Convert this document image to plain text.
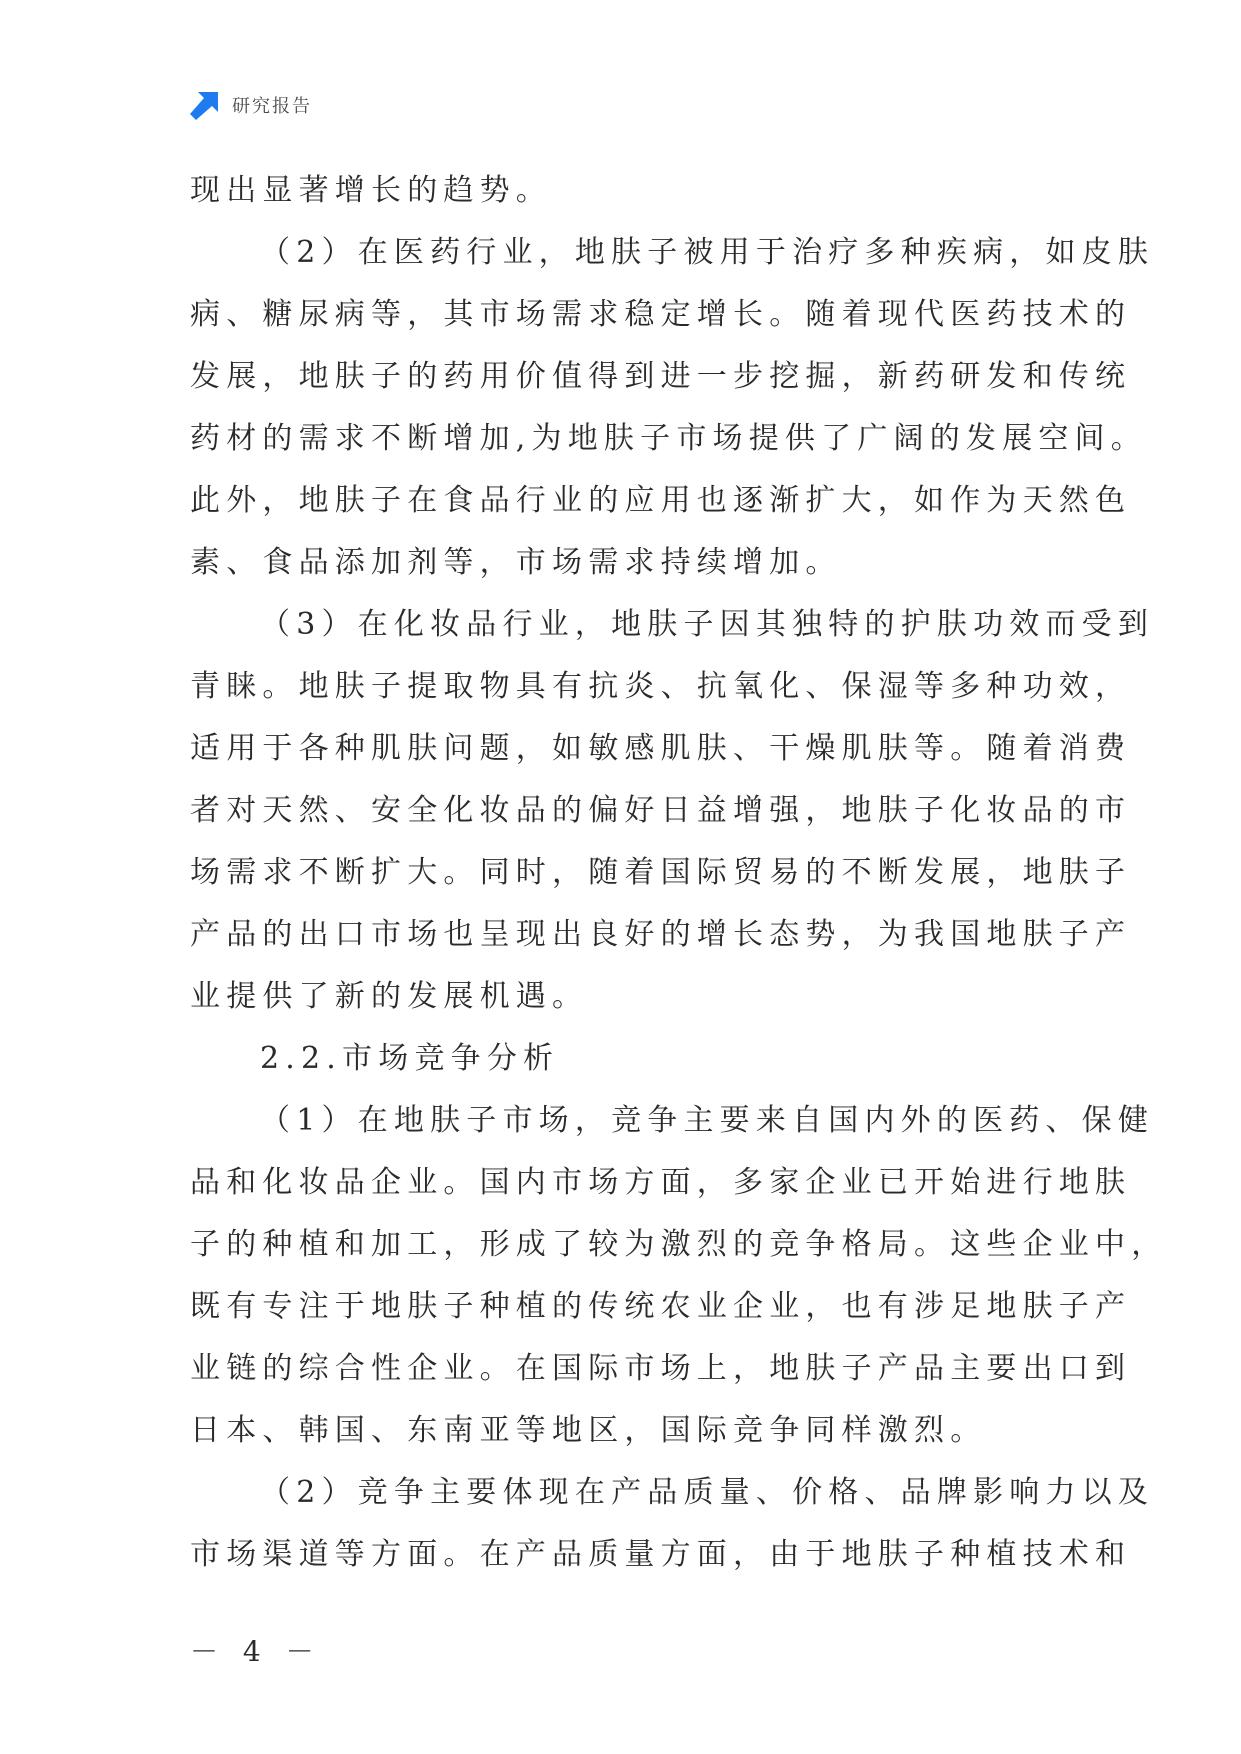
研究报告
现出显著增长的趋势。
（2）在医药行业，地肤子被用于治疗多种疾病，如皮肤
病、糖尿病等，其市场需求稳定增长。随着现代医药技术的
发展，地肤子的药用价值得到进一步挖掘，新药研发和传统
药材的需求不断增加,为地肤子市场提供了广阔的发展空间。
此外，地肤子在食品行业的应用也逐渐扩大，如作为天然色
素、食品添加剂等，市场需求持续增加。
（3）在化妆品行业，地肤子因其独特的护肤功效而受到
青睐。地肤子提取物具有抗炎、抗氧化、保湿等多种功效，
适用于各种肌肤问题，如敏感肌肤、干燥肌肤等。随着消费
者对天然、安全化妆品的偏好日益增强，地肤子化妆品的市
场需求不断扩大。同时，随着国际贸易的不断发展，地肤子
产品的出口市场也呈现出良好的增长态势，为我国地肤子产
业提供了新的发展机遇。
2.2.市场竞争分析
（1）在地肤子市场，竞争主要来自国内外的医药、保健
品和化妆品企业。国内市场方面，多家企业已开始进行地肤
子的种植和加工，形成了较为激烈的竞争格局。这些企业中，
既有专注于地肤子种植的传统农业企业，也有涉足地肤子产
业链的综合性企业。在国际市场上，地肤子产品主要出口到
日本、韩国、东南亚等地区，国际竞争同样激烈。
（2）竞争主要体现在产品质量、价格、品牌影响力以及
市场渠道等方面。在产品质量方面，由于地肤子种植技术和
－ 4 －
